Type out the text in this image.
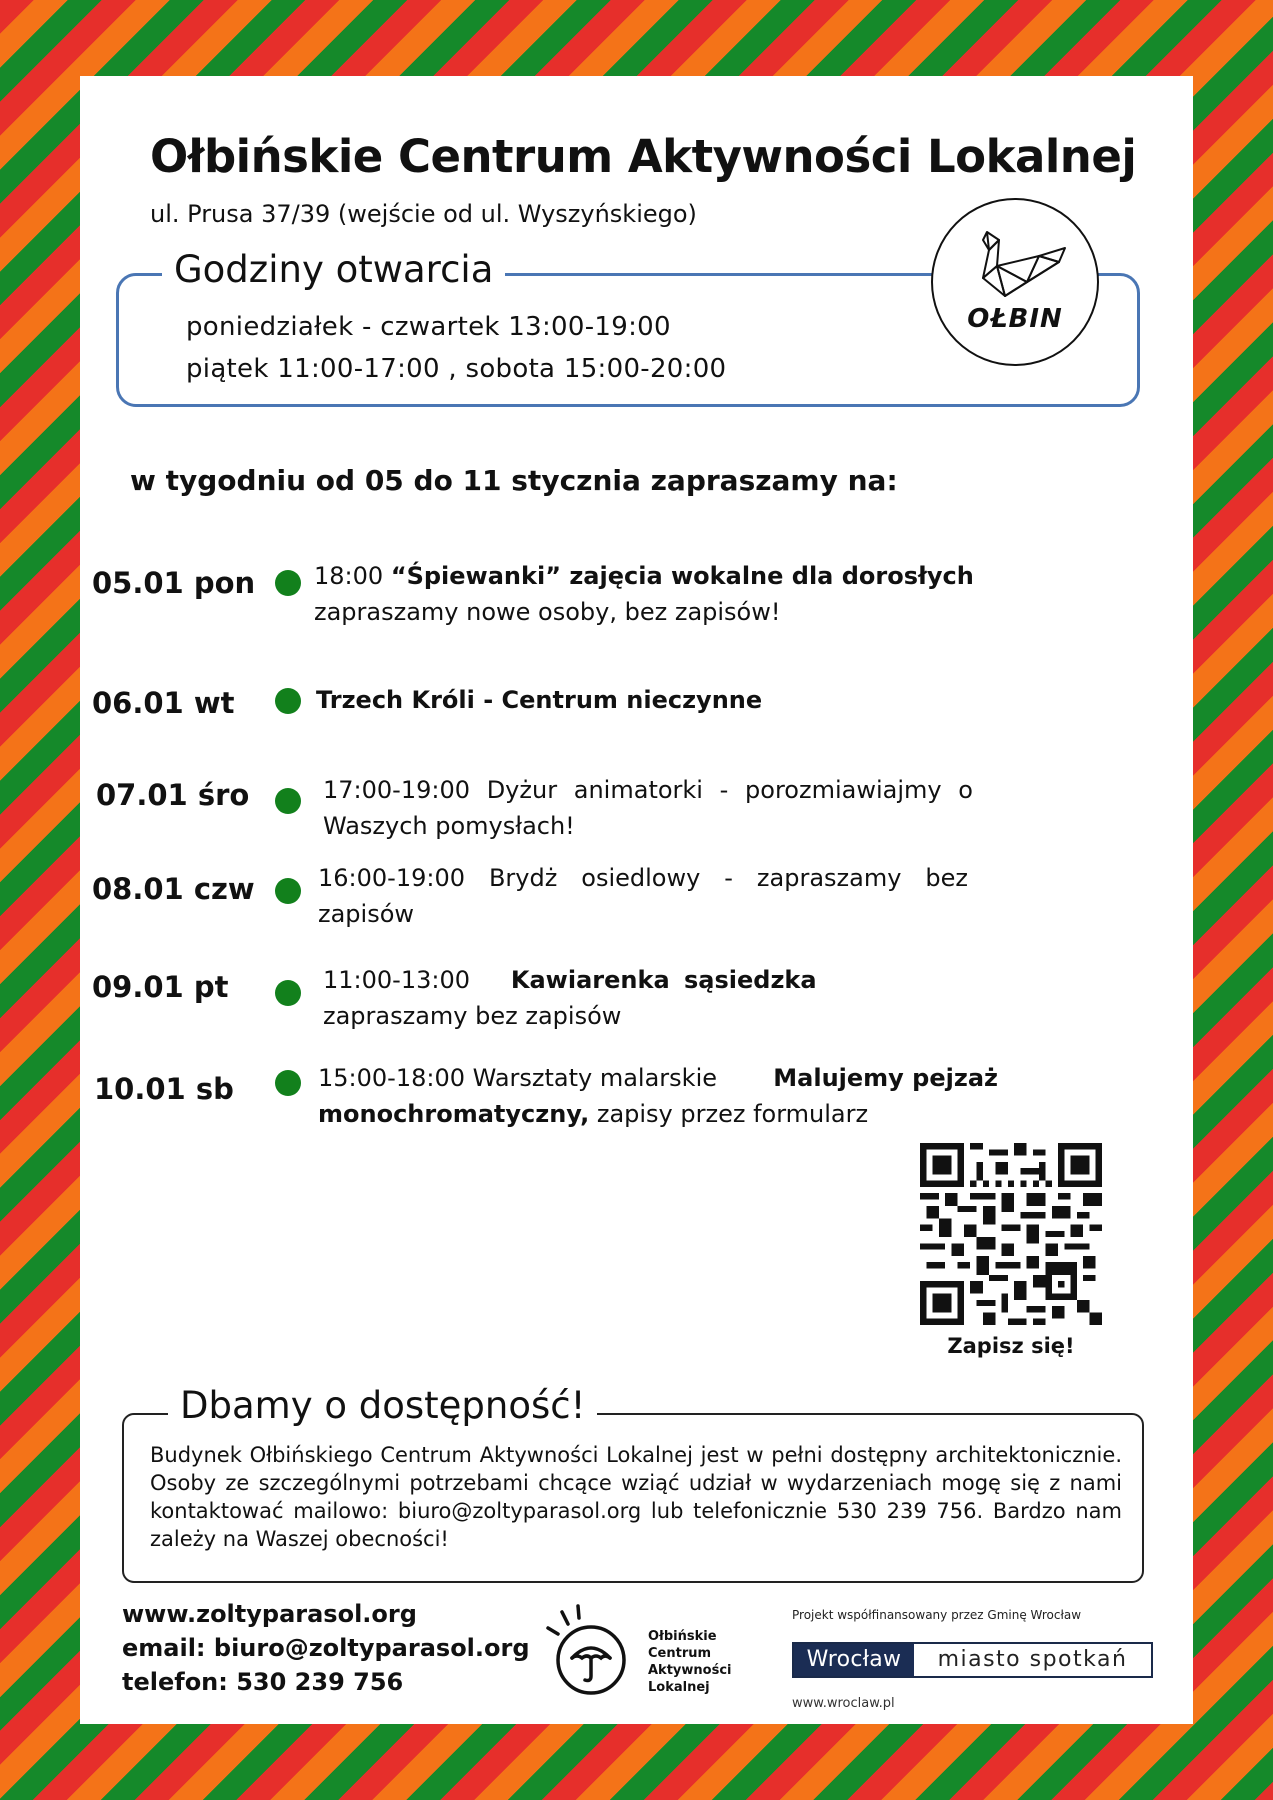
Ołbińskie Centrum Aktywności Lokalnej
ul. Prusa 37/39 (wejście od ul. Wyszyńskiego)
Godziny otwarcia
poniedziałek - czwartek 13:00-19:00
piątek 11:00-17:00 , sobota 15:00-20:00
OŁBIN
w tygodniu od 05 do 11 stycznia zapraszamy na:
05.01 pon 18:00 “Śpiewanki” zajęcia wokalne dla dorosłych
zapraszamy nowe osoby, bez zapisów!
06.01 wt	Trzech Króli - Centrum nieczynne
07.01 śro	17:00-19:00 Dyżur animatorki - porozmiawiajmy o
Waszych pomysłach!
08.01 czw	16:00-19:00 Brydż osiedlowy - zapraszamy bez
zapisów
09.01 pt	11:00-13:00 Kawiarenka sąsiedzka
zapraszamy bez zapisów
10.01 sb	15:00-18:00 Warsztaty malarskie Malujemy pejzaż
monochromatyczny, zapisy przez formularz
Zapisz się!
Dbamy o dostępność!
Budynek Ołbińskiego Centrum Aktywności Lokalnej jest w pełni dostępny architektonicznie. Osoby ze szczególnymi potrzebami chcące wziąć udział w wydarzeniach mogę się z nami kontaktować mailowo: biuro@zoltyparasol.org lub telefonicznie 530 239 756. Bardzo nam zależy na Waszej obecności!
www.zoltyparasol.org
email: biuro@zoltyparasol.org
telefon: 530 239 756
Ołbińskie
Centrum
Aktywności
Lokalnej
Projekt współfinansowany przez Gminę Wrocław
Wrocław	miasto spotkań
www.wroclaw.pl
